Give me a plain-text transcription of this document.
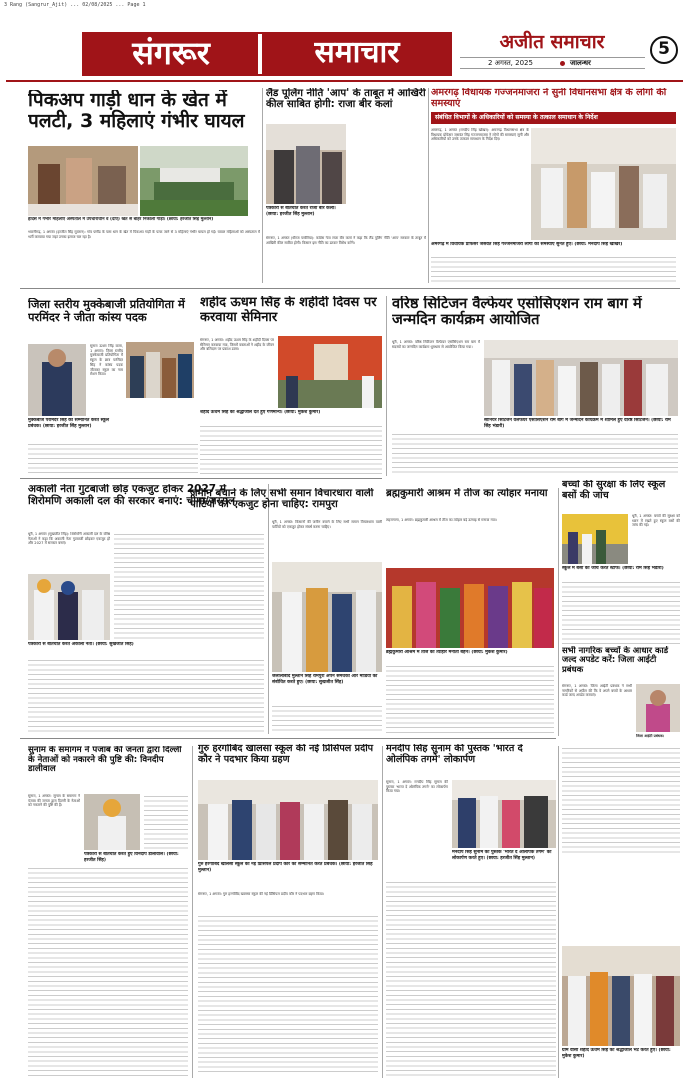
3 Rang (Sangrur_Ajit) ... 02/08/2025 ... Page 1
संगरूर	समाचार	अजीत समाचार
2 अगस्त, 2025	जालन्धर
5
पिकअप गाड़ी धान के खेत में पलटी, 3 महिलाएं गंभीर घायल
हादसे में गंभीर महिलाएं अस्पताल में उपचाराधीन व (दाएं) खेत से बाहर निकाली गाड़ी। (छाया: हरजीत सिंह मुल्तान)
भवानीगढ़, 1 अगस्त (हरजीत सिंह मुल्तान): गांव फ्लौंड के पास धान के खेत में पिकअप गाड़ी के पलट जाने से 3 महिलाएं गंभीर घायल हो गई। घायल महिलाओं को अस्पताल में भर्ती करवाया गया जहां उनका इलाज चल रहा है।
लैंड पूलिंग नीति 'आप' के ताबूत में आखिरी कील साबित होगी: राजा बीर कलां
पत्रकारों से बातचीत करते राजा बीर कलां। (छाया: हरजीत सिंह मुल्तान)
संगरूर, 1 अगस्त (धीरज पसोरिया): कांग्रेस नेता राजा बीर कलां ने कहा कि लैंड पूलिंग नीति 'आप' सरकार के ताबूत में आखिरी कील साबित होगी। किसान इस नीति का डटकर विरोध करेंगे।
अमरगढ़ विधायक गज्जनमाजरा ने सुनी विधानसभा क्षेत्र के लोगों की समस्याएं
संबंधित विभागों के अधिकारियों को समस्या के तत्काल समाधान के निर्देश
अमरगढ़, 1 अगस्त (मनदीप सिंह खोखर): अमरगढ़ विधानसभा क्षेत्र के विधायक प्रोफेसर जसवंत सिंह गज्जनमाजरा ने लोगों की समस्याएं सुनीं और अधिकारियों को उनके तत्काल समाधान के निर्देश दिए।
अमरगढ़ में विधायक प्रोफेसर जसवंत सिंह गज्जनमाजरा लोगों की समस्याएं सुनते हुए। (छाया: मनदीप सिंह खोखर)
जिला स्तरीय मुक्केबाजी प्रतियोगिता में परमिंदर ने जीता कांस्य पदक
सुनाम ऊधम सिंह वाला, 1 अगस्त: जिला स्तरीय मुक्केबाजी प्रतियोगिता में स्कूल के छात्र परमिंदर सिंह ने कांस्य पदक जीतकर स्कूल का नाम रोशन किया।
मुक्केबाज परमिंदर सिंह को सम्मानित करते स्कूल प्रबंधक। (छाया: हरजीत सिंह मुल्तान)
शहीद ऊधम सिंह के शहीदी दिवस पर करवाया सेमिनार
संगरूर, 1 अगस्त: शहीद ऊधम सिंह के शहीदी दिवस पर सेमिनार करवाया गया, जिसमें वक्ताओं ने शहीद के जीवन और बलिदान पर प्रकाश डाला।
शहीद ऊधम सिंह को श्रद्धांजलि देते हुए गणमान्य। (छाया: मुकेश कुमार)
वरिष्ठ सिटिजन वैल्फेयर एसोसिएशन राम बाग में जन्मदिन कार्यक्रम आयोजित
धूरी, 1 अगस्त: वरिष्ठ सिटिजन वैल्फेयर एसोसिएशन राम बाग में सदस्यों का जन्मदिन कार्यक्रम धूमधाम से आयोजित किया गया।
सीनियर सिटिजन वेलफेयर एसोसिएशन राम बाग में जन्मदिन कार्यक्रम में शामिल हुए वरिष्ठ सिटिजन। (छाया: राम सिंह भंडारी)
अकाली नेता गुटबाजी छोड़ एकजुट होकर 2027 में शिरोमणि अकाली दल की सरकार बनाएं: चीमा/जस्सल
धूरी, 1 अगस्त (सुखजीत सिंह): शिरोमणि अकाली दल के वरिष्ठ नेताओं ने कहा कि अकाली नेता गुटबाजी छोड़कर एकजुट हों और 2027 में सरकार बनाएं।
पत्रकारों से बातचीत करते अकाली नेता। (छाया: सुखजीत सिंह)
जमीन बचाने के लिए सभी समान विचारधारा वाली पार्टियों को एकजुट होना चाहिए: रामपुरा
धूरी, 1 अगस्त: किसानों की जमीन बचाने के लिए सभी समान विचारधारा वाली पार्टियों को एकजुट होकर संघर्ष करना चाहिए।
जलालाबाद मुल्तान सिंह रामपुरा अपने समर्थकों और मीडिया को संबोधित करते हुए। (छाया: सुखजीत सिंह)
ब्रह्मकुमारी आश्रम में तीज का त्योहार मनाया
लहरागागा, 1 अगस्त: ब्रह्मकुमारी आश्रम में तीज का त्योहार बड़े उत्साह से मनाया गया।
ब्रह्मकुमारी आश्रम में तीज का त्योहार मनातीं बहनें। (छाया: मुकेश कुमार)
बच्चों की सुरक्षा के लिए स्कूल बसों की जांच
धूरी, 1 अगस्त: बच्चों की सुरक्षा को ध्यान में रखते हुए स्कूल बसों की जांच की गई।
स्कूल में बसों की जांच करते स्टाफ। (छाया: राम सिंह भंडारी)
सभी नागरिक बच्चों के आधार कार्ड जल्द अपडेट करें: जिला आईटी प्रबंधक
संगरूर, 1 अगस्त: जिला आईटी प्रबंधक ने सभी नागरिकों से अपील की कि वे अपने बच्चों के आधार कार्ड जल्द अपडेट करवाएं।
जिला आईटी प्रबंधक।
सुनाम के समागम ने पंजाब की जनता द्वारा दिल्ली के नेताओं को नकारने की पुष्टि की: विनदीप डालीवाल
सुनाम, 1 अगस्त: सुनाम के समागम ने पंजाब की जनता द्वारा दिल्ली के नेताओं को नकारने की पुष्टि की है।
पत्रकारों से बातचीत करते हुए विनदीप डालीवाल। (छाया: हरजीत सिंह)
गुरु हरगोबिंद खालसा स्कूल की नई प्रिंसिपल प्रदीप कौर ने पदभार किया ग्रहण
गुरु हरगोबिंद खालसा स्कूल की नई प्रिंसिपल प्रदीप कौर को सम्मानित करते प्रबंधक। (छाया: हरजीत सिंह मुल्तान)
संगरूर, 1 अगस्त: गुरु हरगोबिंद खालसा स्कूल की नई प्रिंसिपल प्रदीप कौर ने पदभार ग्रहण किया।
मनदीप सिंह सुनाम की पुस्तक 'भारत दे ओलंपिक तगमे' लोकार्पण
सुनाम, 1 अगस्त: मनदीप सिंह सुनाम की पुस्तक 'भारत दे ओलंपिक तगमे' का लोकार्पण किया गया।
मनदीप सिंह सुनाम की पुस्तक 'भारत दे ओलंपिक तगमे' का लोकार्पण करते हुए। (छाया: हरजीत सिंह मुल्तान)
ग्राम वासी शहीद ऊधम सिंह को श्रद्धांजलि भेंट करते हुए। (छाया: मुकेश कुमार)
